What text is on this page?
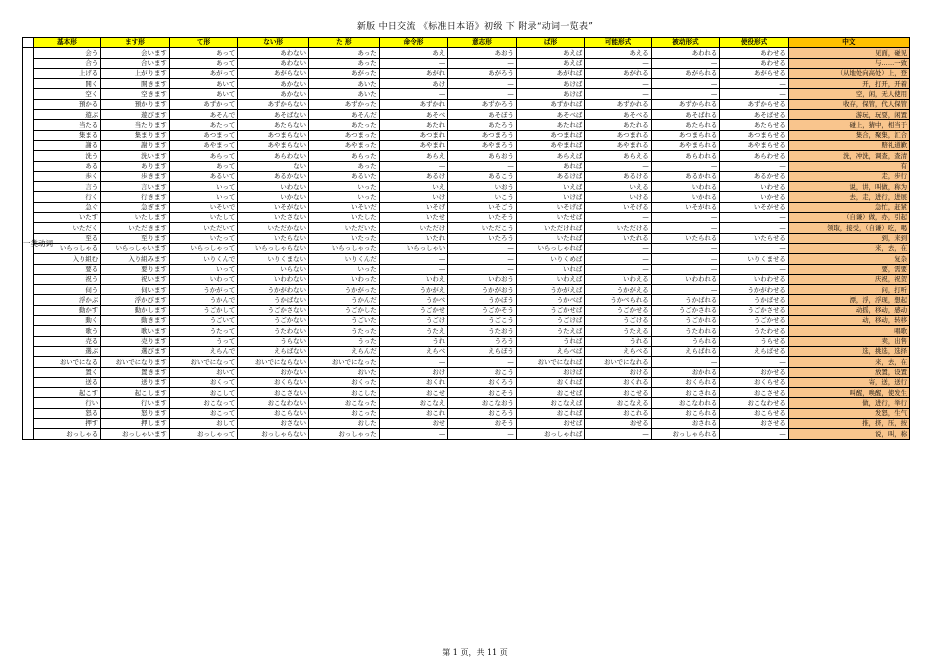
新版 中日交流 《标准日本语》初级 下 附录“动词一览表”
	基本形	ます形	て形	ない形	た 形	命令形	意志形	ば形	可能形式	被动形式	使役形式	中文
一类动词	会う	会います	あって	あわない	あった	あえ	あおう	あえば	あえる	あわれる	あわせる	见面，碰见
	合う	合います	あって	あわない	あった	—	—	あえば	—	—	あわせる	与……一致
	上げる	上がります	あがって	あがらない	あがった	あがれ	あがろう	あがれば	あがれる	あがられる	あがらせる	（从地处向高处）上，登
	開く	開きます	あいて	あかない	あいた	あけ	—	あけば	—	—	—	开，打开，开着
	空く	空きます	あいて	あかない	あいた	—	—	あけば	—	—	—	空，闲，无人使用
	預かる	預かります	あずかって	あずからない	あずかった	あずかれ	あずかろう	あずかれば	あずかれる	あずかられる	あずからせる	收存，保管，代人保管
	遊ぶ	遊びます	あそんで	あそばない	あそんだ	あそべ	あそぼう	あそべば	あそべる	あそばれる	あそばせる	游玩，玩耍，闲置
	当たる	当たります	あたって	あたらない	あたった	あたれ	あたろう	あたれば	あたれる	あたられる	あたらせる	碰上，猜中，相当于
	集まる	集まります	あつまって	あつまらない	あつまった	あつまれ	あつまろう	あつまれば	あつまれる	あつまられる	あつまらせる	集合，聚集，汇合
	謝る	謝ります	あやまって	あやまらない	あやまった	あやまれ	あやまろう	あやまれば	あやまれる	あやまられる	あやまらせる	赔礼道歉
	洗う	洗います	あらって	あらわない	あらった	あらえ	あらおう	あらえば	あらえる	あらわれる	あらわせる	洗，冲洗，调查，查清
	ある	あります	あって	ない	あった	—	—	あれば	—	—	—	有
	歩く	歩きます	あるいて	あるかない	あるいた	あるけ	あるこう	あるけば	あるける	あるかれる	あるかせる	走，步行
	言う	言います	いって	いわない	いった	いえ	いおう	いえば	いえる	いわれる	いわせる	说，讲，叫做，称为
	行く	行きます	いって	いかない	いった	いけ	いこう	いけば	いける	いかれる	いかせる	去，走，进行，进展
	急ぐ	急ぎます	いそいで	いそがない	いそいだ	いそげ	いそごう	いそげば	いそげる	いそがれる	いそがせる	急忙，赶紧
	いたす	いたします	いたして	いたさない	いたした	いたせ	いたそう	いたせば	—	—	—	（自谦）做，办，引起
	いただく	いただきます	いただいて	いただかない	いただいた	いただけ	いただこう	いただければ	いただける	—	—	领取，接受，（自谦）吃，喝
	至る	至ります	いたって	いたらない	いたった	いたれ	いたろう	いたれば	いたれる	いたられる	いたらせる	到，来到
	いらっしゃる	いらっしゃいます	いらっしゃって	いらっしゃらない	いらっしゃった	いらっしゃい	—	いらっしゃれば	—	—	—	来，去，在
	入り組む	入り組みます	いりくんで	いりくまない	いりくんだ	—	—	いりくめば	—	—	いりくませる	复杂
	要る	要ります	いって	いらない	いった	—	—	いれば	—	—	—	要，需要
	祝う	祝います	いわって	いわわない	いわった	いわえ	いわおう	いわえば	いわえる	いわわれる	いわわせる	庆祝，祝贺
	伺う	伺います	うかがって	うかがわない	うかがった	うかがえ	うかがおう	うかがえば	うかがえる	—	うかがわせる	问，打听
	浮かぶ	浮かびます	うかんで	うかばない	うかんだ	うかべ	うかぼう	うかべば	うかべられる	うかばれる	うかばせる	漂，浮，浮现，想起
	動かす	動かします	うごかして	うごかさない	うごかした	うごかせ	うごかそう	うごかせば	うごかせる	うごかされる	うごかさせる	动摇，移动，感动
	動く	動きます	うごいて	うごかない	うごいた	うごけ	うごこう	うごけば	うごける	うごかれる	うごかせる	动，移动，转移
	歌う	歌います	うたって	うたわない	うたった	うたえ	うたおう	うたえば	うたえる	うたわれる	うたわせる	唱歌
	売る	売ります	うって	うらない	うった	うれ	うろう	うれば	うれる	うられる	うらせる	卖，出售
	選ぶ	選びます	えらんで	えらばない	えらんだ	えらべ	えらぼう	えらべば	えらべる	えらばれる	えらばせる	选，挑选，选择
	おいでになる	おいでになります	おいでになって	おいでにならない	おいでになった	—	—	おいでになれば	おいでになれる	—	—	来，去，在
	置く	置きます	おいて	おかない	おいた	おけ	おこう	おけば	おける	おかれる	おかせる	放置，设置
	送る	送ります	おくって	おくらない	おくった	おくれ	おくろう	おくれば	おくれる	おくられる	おくらせる	寄，送，送行
	起こす	起こします	おこして	おこさない	おこした	おこせ	おこそう	おこせば	おこせる	おこされる	おこさせる	叫醒，唤醒，使发生
	行い	行います	おこなって	おこなわない	おこなった	おこなえ	おこなおう	おこなえば	おこなえる	おこなわれる	おこなわせる	做，进行，举行
	怒る	怒ります	おこって	おこらない	おこった	おこれ	おころう	おこれば	おこれる	おこられる	おこらせる	发怒，生气
	押す	押します	おして	おさない	おした	おせ	おそう	おせば	おせる	おされる	おさせる	推，挤，压，按
	おっしゃる	おっしゃいます	おっしゃって	おっしゃらない	おっしゃった	—	—	おっしゃれば	—	おっしゃられる	—	说，叫，称
第 1 页，共 11 页
